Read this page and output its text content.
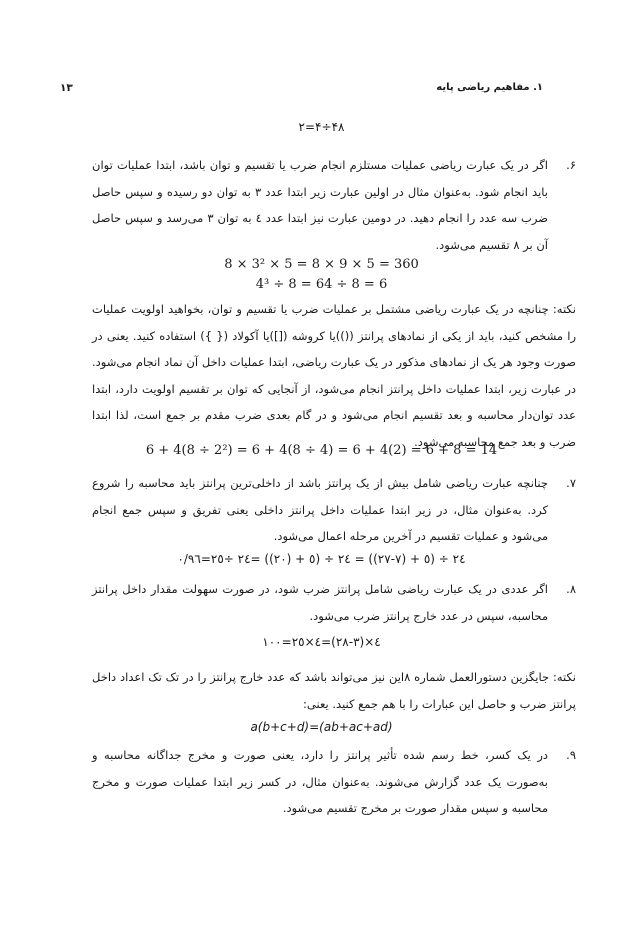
۱. مفاهیم ریاضی پایه
۱۳
۴۸÷۴=۲
۶.
اگر در یک عبارت ریاضی عملیات مستلزم انجام ضرب یا تقسیم و توان باشد، ابتدا عملیات توان باید انجام شود. به‌عنوان مثال در اولین عبارت زیر ابتدا عدد ۳ به توان دو رسیده و سپس حاصل ضرب سه عدد را انجام دهید. در دومین عبارت نیز ابتدا عدد ٤ به توان ۳ می‌رسد و سپس حاصل آن بر ۸ تقسیم می‌شود.
8 × 3² × 5 = 8 × 9 × 5 = 360
4³ ÷ 8 = 64 ÷ 8 = 6
نکته: چنانچه در یک عبارت ریاضی مشتمل بر عملیات ضرب یا تقسیم و توان، بخواهید اولویت عملیات را مشخص کنید، باید از یکی از نمادهای پرانتز (())یا کروشه ([])یا آکولاد ({ }) استفاده کنید. یعنی در صورت وجود هر یک از نمادهای مذکور در یک عبارت ریاضی، ابتدا عملیات داخل آن نماد انجام می‌شود. در عبارت زیر، ابتدا عملیات داخل پرانتز انجام می‌شود، از آنجایی که توان بر تقسیم اولویت دارد، ابتدا عدد توان‌دار محاسبه و بعد تقسیم انجام می‌شود و در گام بعدی ضرب مقدم بر جمع است، لذا ابتدا ضرب و بعد جمع محاسبه می‌شود.
6 + 4(8 ÷ 2²) = 6 + 4(8 ÷ 4) = 6 + 4(2) = 6 + 8 = 14
۷.
چنانچه عبارت ریاضی شامل بیش از یک پرانتز باشد از داخلی‌ترین پرانتز باید محاسبه را شروع کرد. به‌عنوان مثال، در زیر ابتدا عملیات داخل پرانتز داخلی یعنی تفریق و سپس جمع انجام می‌شود و عملیات تقسیم در آخرین مرحله اعمال می‌شود.
۲٤ ÷ (٥ + (۲۷-۷)) = ۲٤ ÷ (٥ + (۲۰)) =۲٤ ÷۲٥=۰/۹٦
۸.
اگر عددی در یک عبارت ریاضی شامل پرانتز ضرب شود، در صورت سهولت مقدار داخل پرانتز محاسبه، سپس در عدد خارج پرانتز ضرب می‌شود.
٤×(۲۸-۳)=٤×۲٥=۱۰۰
نکته: جایگزین دستورالعمل شماره ۸این نیز می‌تواند باشد که عدد خارج پرانتز را در تک تک اعداد داخل پرانتز ضرب و حاصل این عبارات را با هم جمع کنید. یعنی:
a(b+c+d)=(ab+ac+ad)
۹.
در یک کسر، خط رسم شده تأثیر پرانتز را دارد، یعنی صورت و مخرج جداگانه محاسبه و به‌صورت یک عدد گزارش می‌شوند. به‌عنوان مثال، در کسر زیر ابتدا عملیات صورت و مخرج محاسبه و سپس مقدار صورت بر مخرج تقسیم می‌شود.
